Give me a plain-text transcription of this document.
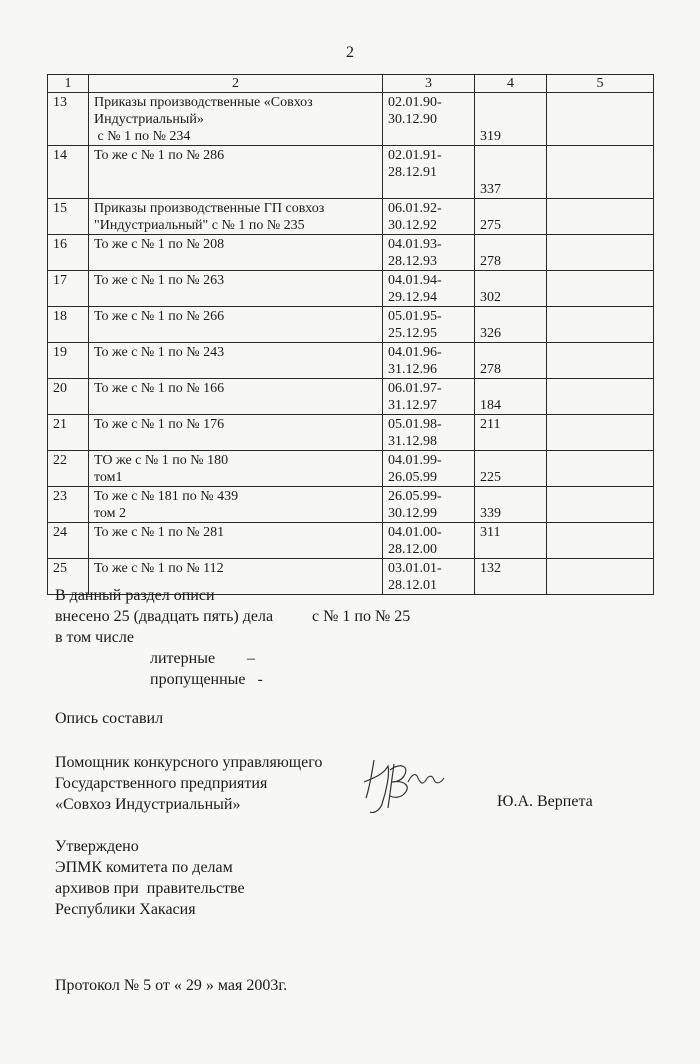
2
1	2	3	4	5
13	Приказы производственные «Совхоз
Индустриальный»
с № 1 по № 234	02.01.90-
30.12.90	319	

14	То же с № 1 по № 286	02.01.91-
28.12.91	337	

15	Приказы производственные ГП совхоз
"Индустриальный" с № 1 по № 235	06.01.92-
30.12.92	275	

16	То же с № 1 по № 208	04.01.93-
28.12.93	278	

17	То же с № 1 по № 263	04.01.94-
29.12.94	302	

18	То же с № 1 по № 266	05.01.95-
25.12.95	326	

19	То же с № 1 по № 243	04.01.96-
31.12.96	278	

20	То же с № 1 по № 166	06.01.97-
31.12.97	184	

21	То же с № 1 по № 176	05.01.98-
31.12.98	211	

22	ТО же с № 1 по № 180
том1	04.01.99-
26.05.99	225	

23	То же с № 181 по № 439
том 2	26.05.99-
30.12.99	339	

24	То же с № 1 по № 281	04.01.00-
28.12.00	311	

25	То же с № 1 по № 112	03.01.01-
28.12.01	132	

В данный раздел описи
внесено 25 (двадцать пять) дела с № 1 по № 25
в том числе
литерные        –
пропущенные   -
Опись составил
Помощник конкурсного управляющего
Государственного предприятия
«Совхоз Индустриальный»	Ю.А. Верпета
Утверждено
ЭПМК комитета по делам
архивов при  правительстве
Республики Хакасия
Протокол № 5 от « 29 » мая 2003г.
